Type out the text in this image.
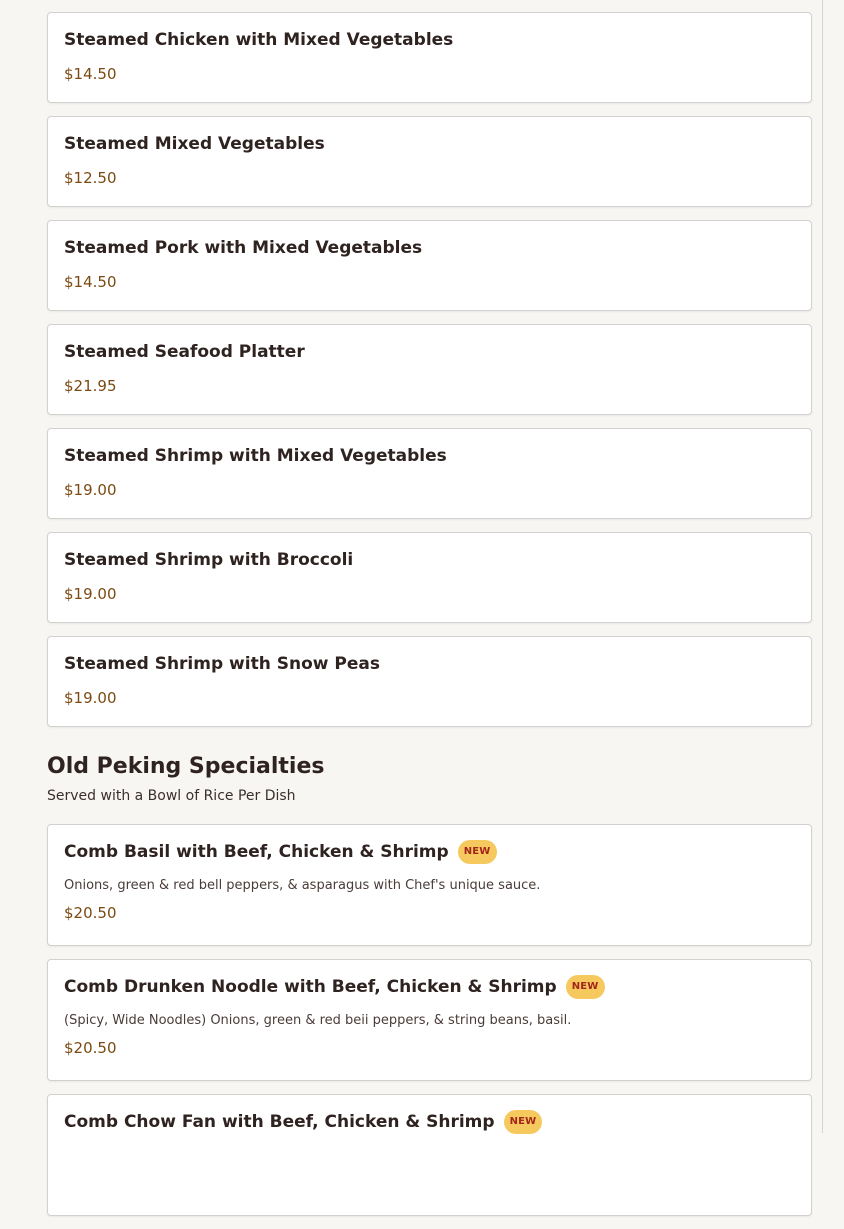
Steamed Chicken with Mixed Vegetables
$14.50
Steamed Mixed Vegetables
$12.50
Steamed Pork with Mixed Vegetables
$14.50
Steamed Seafood Platter
$21.95
Steamed Shrimp with Mixed Vegetables
$19.00
Steamed Shrimp with Broccoli
$19.00
Steamed Shrimp with Snow Peas
$19.00
Old Peking Specialties
Served with a Bowl of Rice Per Dish
Comb Basil with Beef, Chicken & Shrimp	NEW
Onions, green & red bell peppers, & asparagus with Chef's unique sauce.
$20.50
Comb Drunken Noodle with Beef, Chicken & Shrimp	NEW
(Spicy, Wide Noodles) Onions, green & red beii peppers, & string beans, basil.
$20.50
Comb Chow Fan with Beef, Chicken & Shrimp	NEW
